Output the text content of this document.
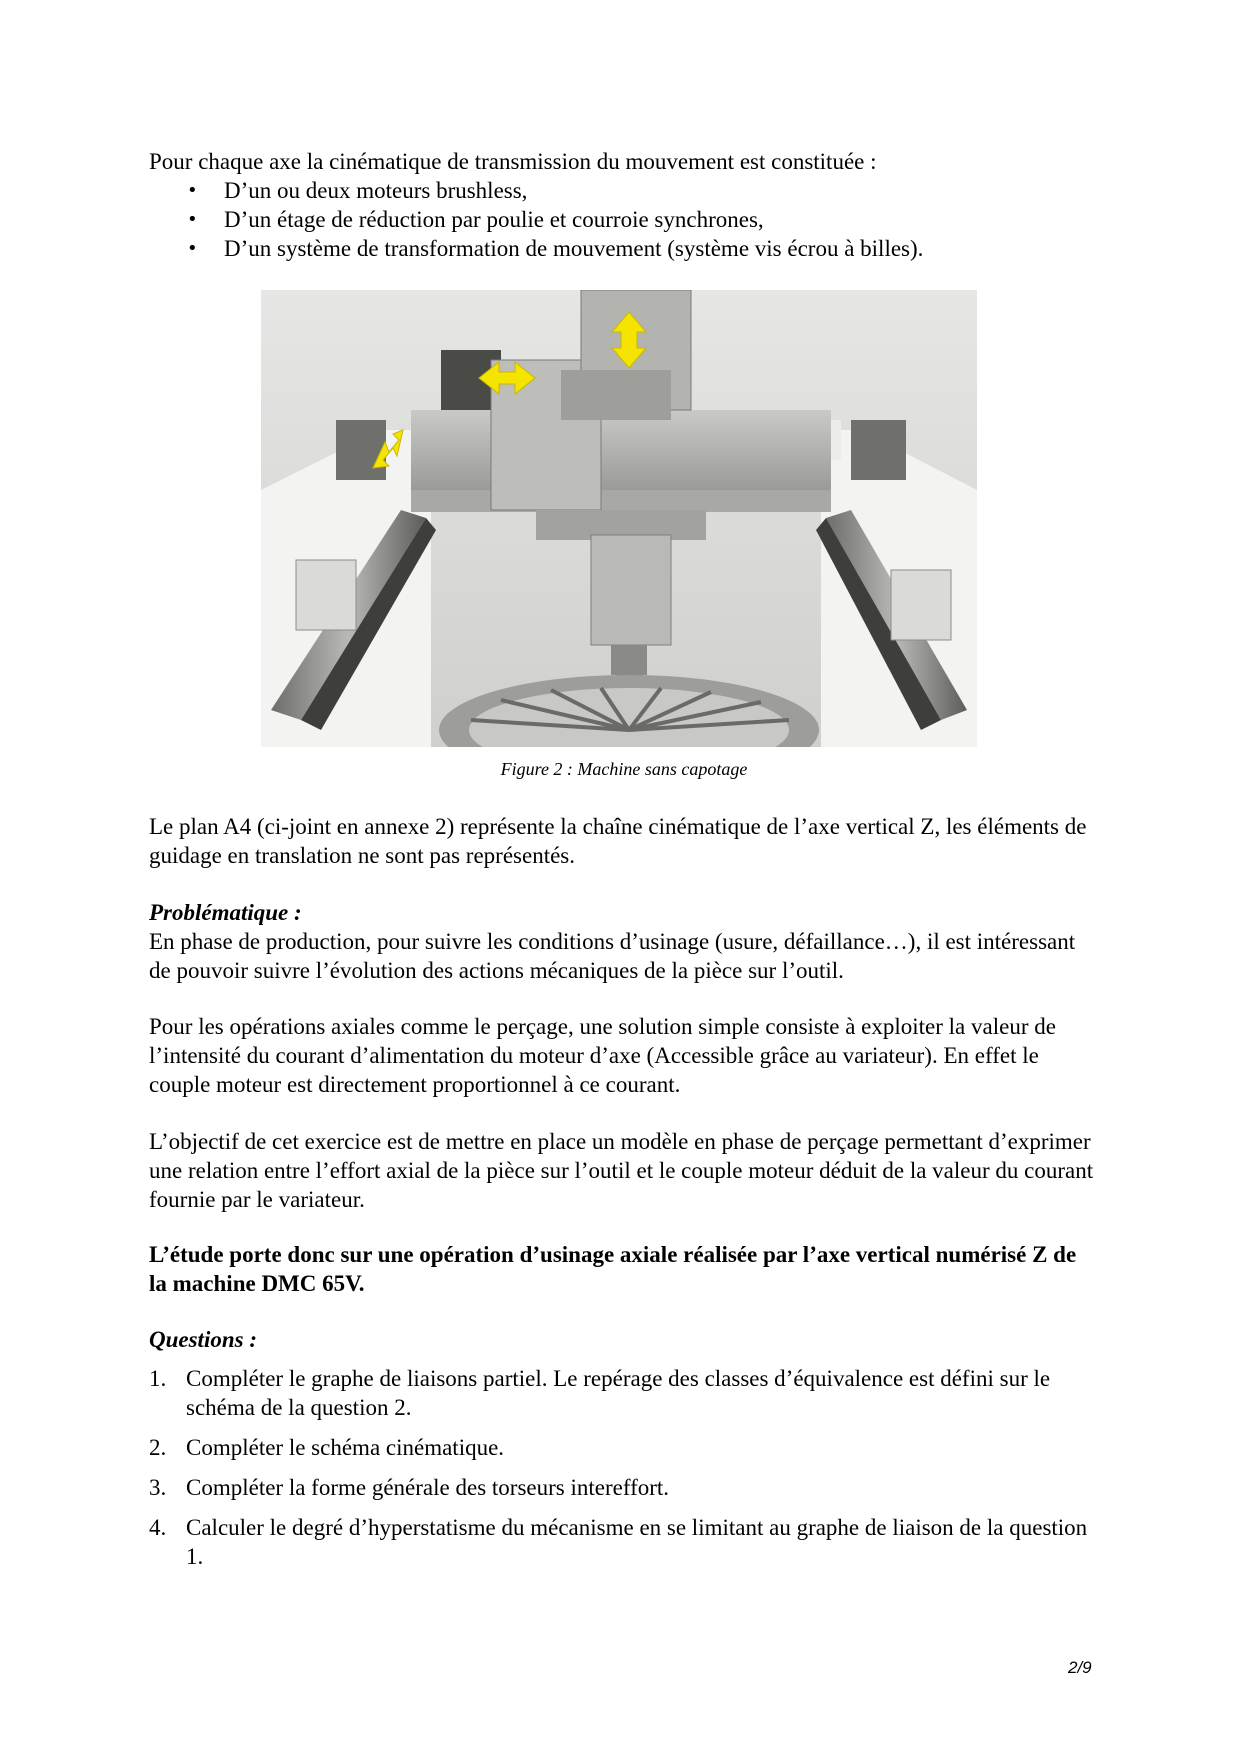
Pour chaque axe la cinématique de transmission du mouvement est constituée :

• D’un ou deux moteurs brushless,
• D’un étage de réduction par poulie et courroie synchrones,
• D’un système de transformation de mouvement (système vis écrou à billes).
Figure 2 : Machine sans capotage

Le plan A4 (ci-joint en annexe 2) représente la chaîne cinématique de l’axe vertical Z, les éléments de guidage en translation ne sont pas représentés.

Problématique :

En phase de production, pour suivre les conditions d’usinage (usure, défaillance…), il est intéressant de pouvoir suivre l’évolution des actions mécaniques de la pièce sur l’outil.

Pour les opérations axiales comme le perçage, une solution simple consiste à exploiter la valeur de l’intensité du courant d’alimentation du moteur d’axe (Accessible grâce au variateur). En effet le couple moteur est directement proportionnel à ce courant.

L’objectif de cet exercice est de mettre en place un modèle en phase de perçage permettant d’exprimer une relation entre l’effort axial de la pièce sur l’outil et le couple moteur déduit de la valeur du courant fournie par le variateur.

L’étude porte donc sur une opération d’usinage axiale réalisée par l’axe vertical numérisé Z de la machine DMC 65V.

Questions :

1. Compléter le graphe de liaisons partiel. Le repérage des classes d’équivalence est défini sur le schéma de la question 2.
2. Compléter le schéma cinématique.
3. Compléter la forme générale des torseurs intereffort.
4. Calculer le degré d’hyperstatisme du mécanisme en se limitant au graphe de liaison de la question 1.
2/9
